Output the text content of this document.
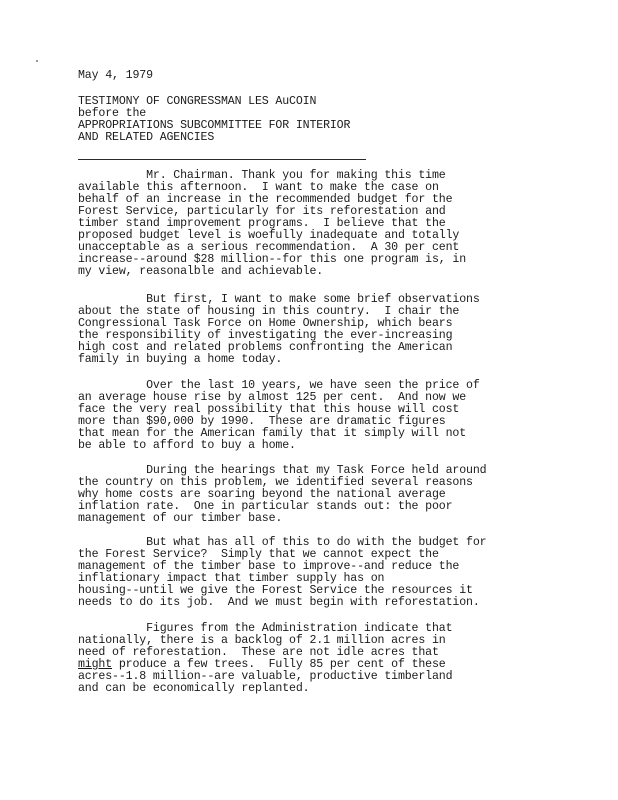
May 4, 1979
TESTIMONY OF CONGRESSMAN LES AuCOIN
before the
APPROPRIATIONS SUBCOMMITTEE FOR INTERIOR
AND RELATED AGENCIES
Mr. Chairman. Thank you for making this time
available this afternoon.  I want to make the case on
behalf of an increase in the recommended budget for the
Forest Service, particularly for its reforestation and
timber stand improvement programs.  I believe that the
proposed budget level is woefully inadequate and totally
unacceptable as a serious recommendation.  A 30 per cent
increase--around $28 million--for this one program is, in
my view, reasonalble and achievable.
But first, I want to make some brief observations
about the state of housing in this country.  I chair the
Congressional Task Force on Home Ownership, which bears
the responsibility of investigating the ever-increasing
high cost and related problems confronting the American
family in buying a home today.
Over the last 10 years, we have seen the price of
an average house rise by almost 125 per cent.  And now we
face the very real possibility that this house will cost
more than $90,000 by 1990.  These are dramatic figures
that mean for the American family that it simply will not
be able to afford to buy a home.
During the hearings that my Task Force held around
the country on this problem, we identified several reasons
why home costs are soaring beyond the national average
inflation rate.  One in particular stands out: the poor
management of our timber base.
But what has all of this to do with the budget for
the Forest Service?  Simply that we cannot expect the
management of the timber base to improve--and reduce the
inflationary impact that timber supply has on
housing--until we give the Forest Service the resources it
needs to do its job.  And we must begin with reforestation.
Figures from the Administration indicate that
nationally, there is a backlog of 2.1 million acres in
need of reforestation.  These are not idle acres that
might produce a few trees.  Fully 85 per cent of these
acres--1.8 million--are valuable, productive timberland
and can be economically replanted.
